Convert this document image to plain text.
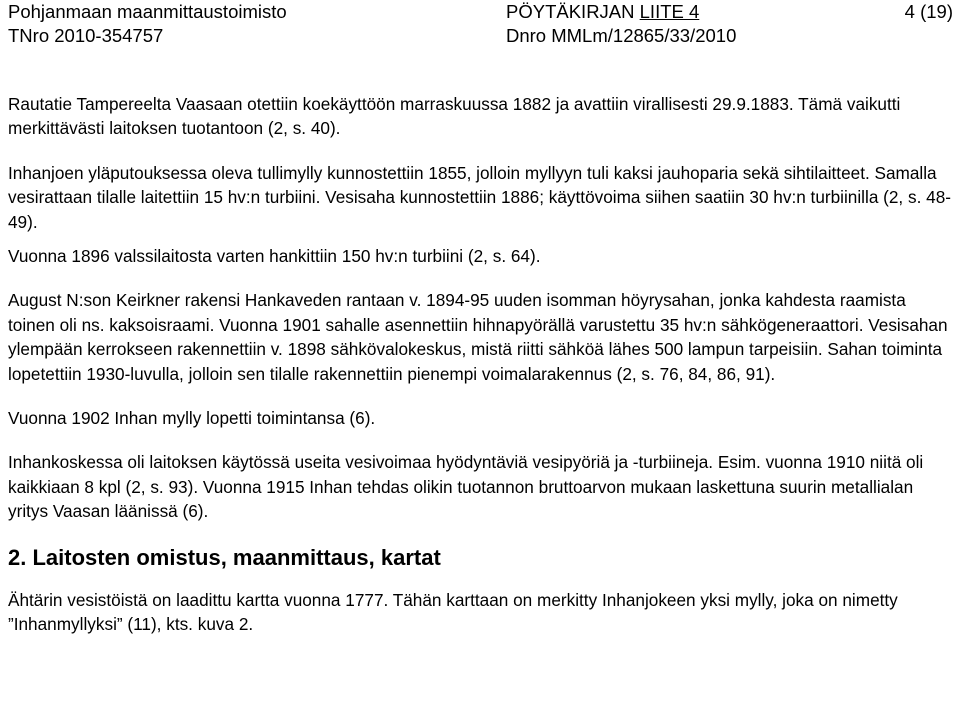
Pohjanmaan maanmittaustoimisto	PÖYTÄKIRJAN LIITE 4	4 (19)
TNro 2010-354757	Dnro MMLm/12865/33/2010

Rautatie Tampereelta Vaasaan otettiin koekäyttöön marraskuussa 1882 ja avattiin virallisesti 29.9.1883. Tämä vaikutti merkittävästi laitoksen tuotantoon (2, s. 40).

Inhanjoen yläputouksessa oleva tullimylly kunnostettiin 1855, jolloin myllyyn tuli kaksi jauhoparia sekä sihtilaitteet. Samalla vesirattaan tilalle laitettiin 15 hv:n turbiini. Vesisaha kunnostettiin 1886; käyttövoima siihen saatiin 30 hv:n turbiinilla (2, s. 48-49).

Vuonna 1896 valssilaitosta varten hankittiin 150 hv:n turbiini (2, s. 64).

August N:son Keirkner rakensi Hankaveden rantaan v. 1894-95 uuden isomman höyrysahan, jonka kahdesta raamista toinen oli ns. kaksoisraami. Vuonna 1901 sahalle asennettiin hihnapyörällä varustettu 35 hv:n sähkögeneraattori. Vesisahan ylempään kerrokseen rakennettiin v. 1898 sähkövalokeskus, mistä riitti sähköä lähes 500 lampun tarpeisiin. Sahan toiminta lopetettiin 1930-luvulla, jolloin sen tilalle rakennettiin pienempi voimalarakennus (2, s. 76, 84, 86, 91).

Vuonna 1902 Inhan mylly lopetti toimintansa (6).

Inhankoskessa oli laitoksen käytössä useita vesivoimaa hyödyntäviä vesipyöriä ja -turbiineja. Esim. vuonna 1910 niitä oli kaikkiaan 8 kpl (2, s. 93). Vuonna 1915 Inhan tehdas olikin tuotannon bruttoarvon mukaan laskettuna suurin metallialan yritys Vaasan läänissä (6).

2. Laitosten omistus, maanmittaus, kartat

Ähtärin vesistöistä on laadittu kartta vuonna 1777. Tähän karttaan on merkitty Inhanjokeen yksi mylly, joka on nimetty ”Inhanmyllyksi” (11), kts. kuva 2.
